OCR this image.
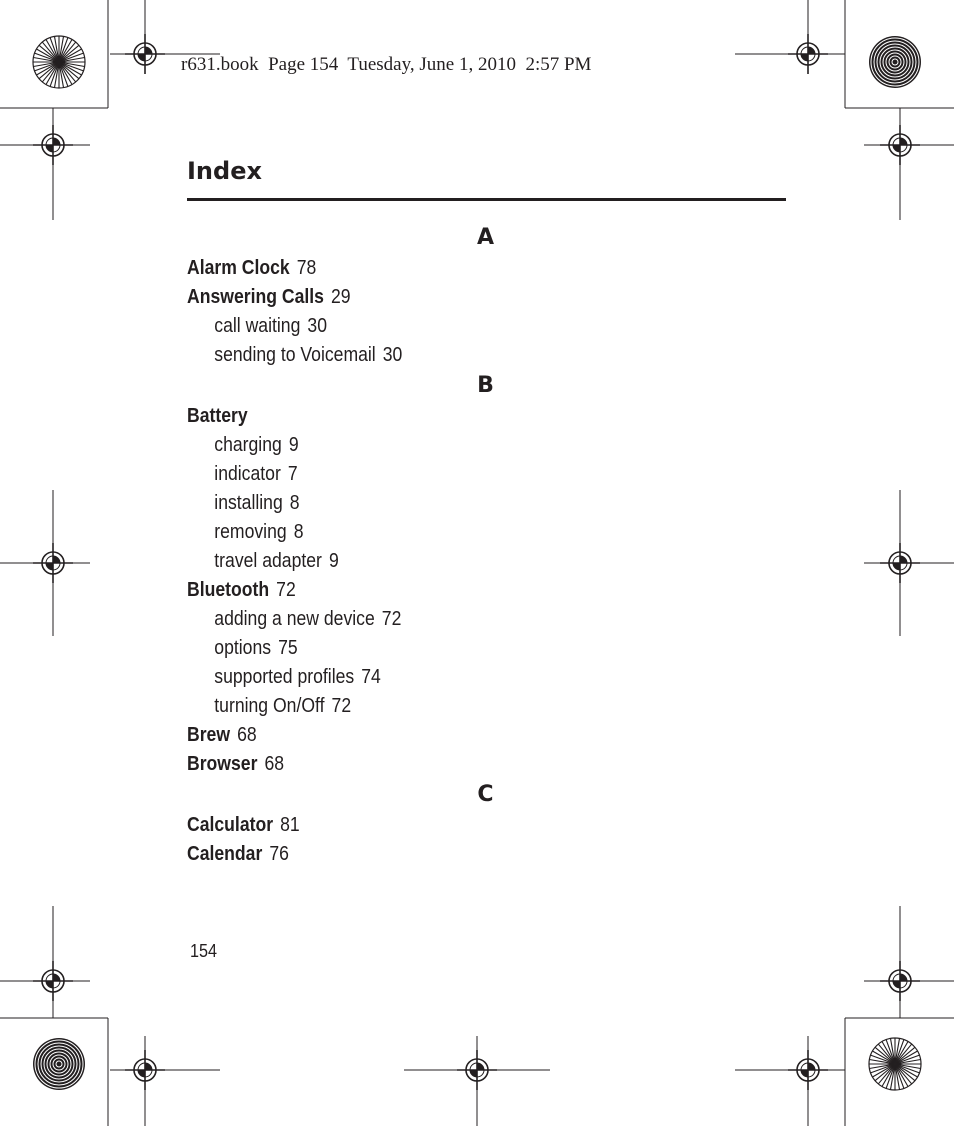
r631.book  Page 154  Tuesday, June 1, 2010  2:57 PM
Index
A
Alarm Clock 78
Answering Calls 29
call waiting 30
sending to Voicemail 30
B
Battery
charging 9
indicator 7
installing 8
removing 8
travel adapter 9
Bluetooth 72
adding a new device 72
options 75
supported profiles 74
turning On/Off 72
Brew 68
Browser 68
C
Calculator 81
Calendar 76
154
